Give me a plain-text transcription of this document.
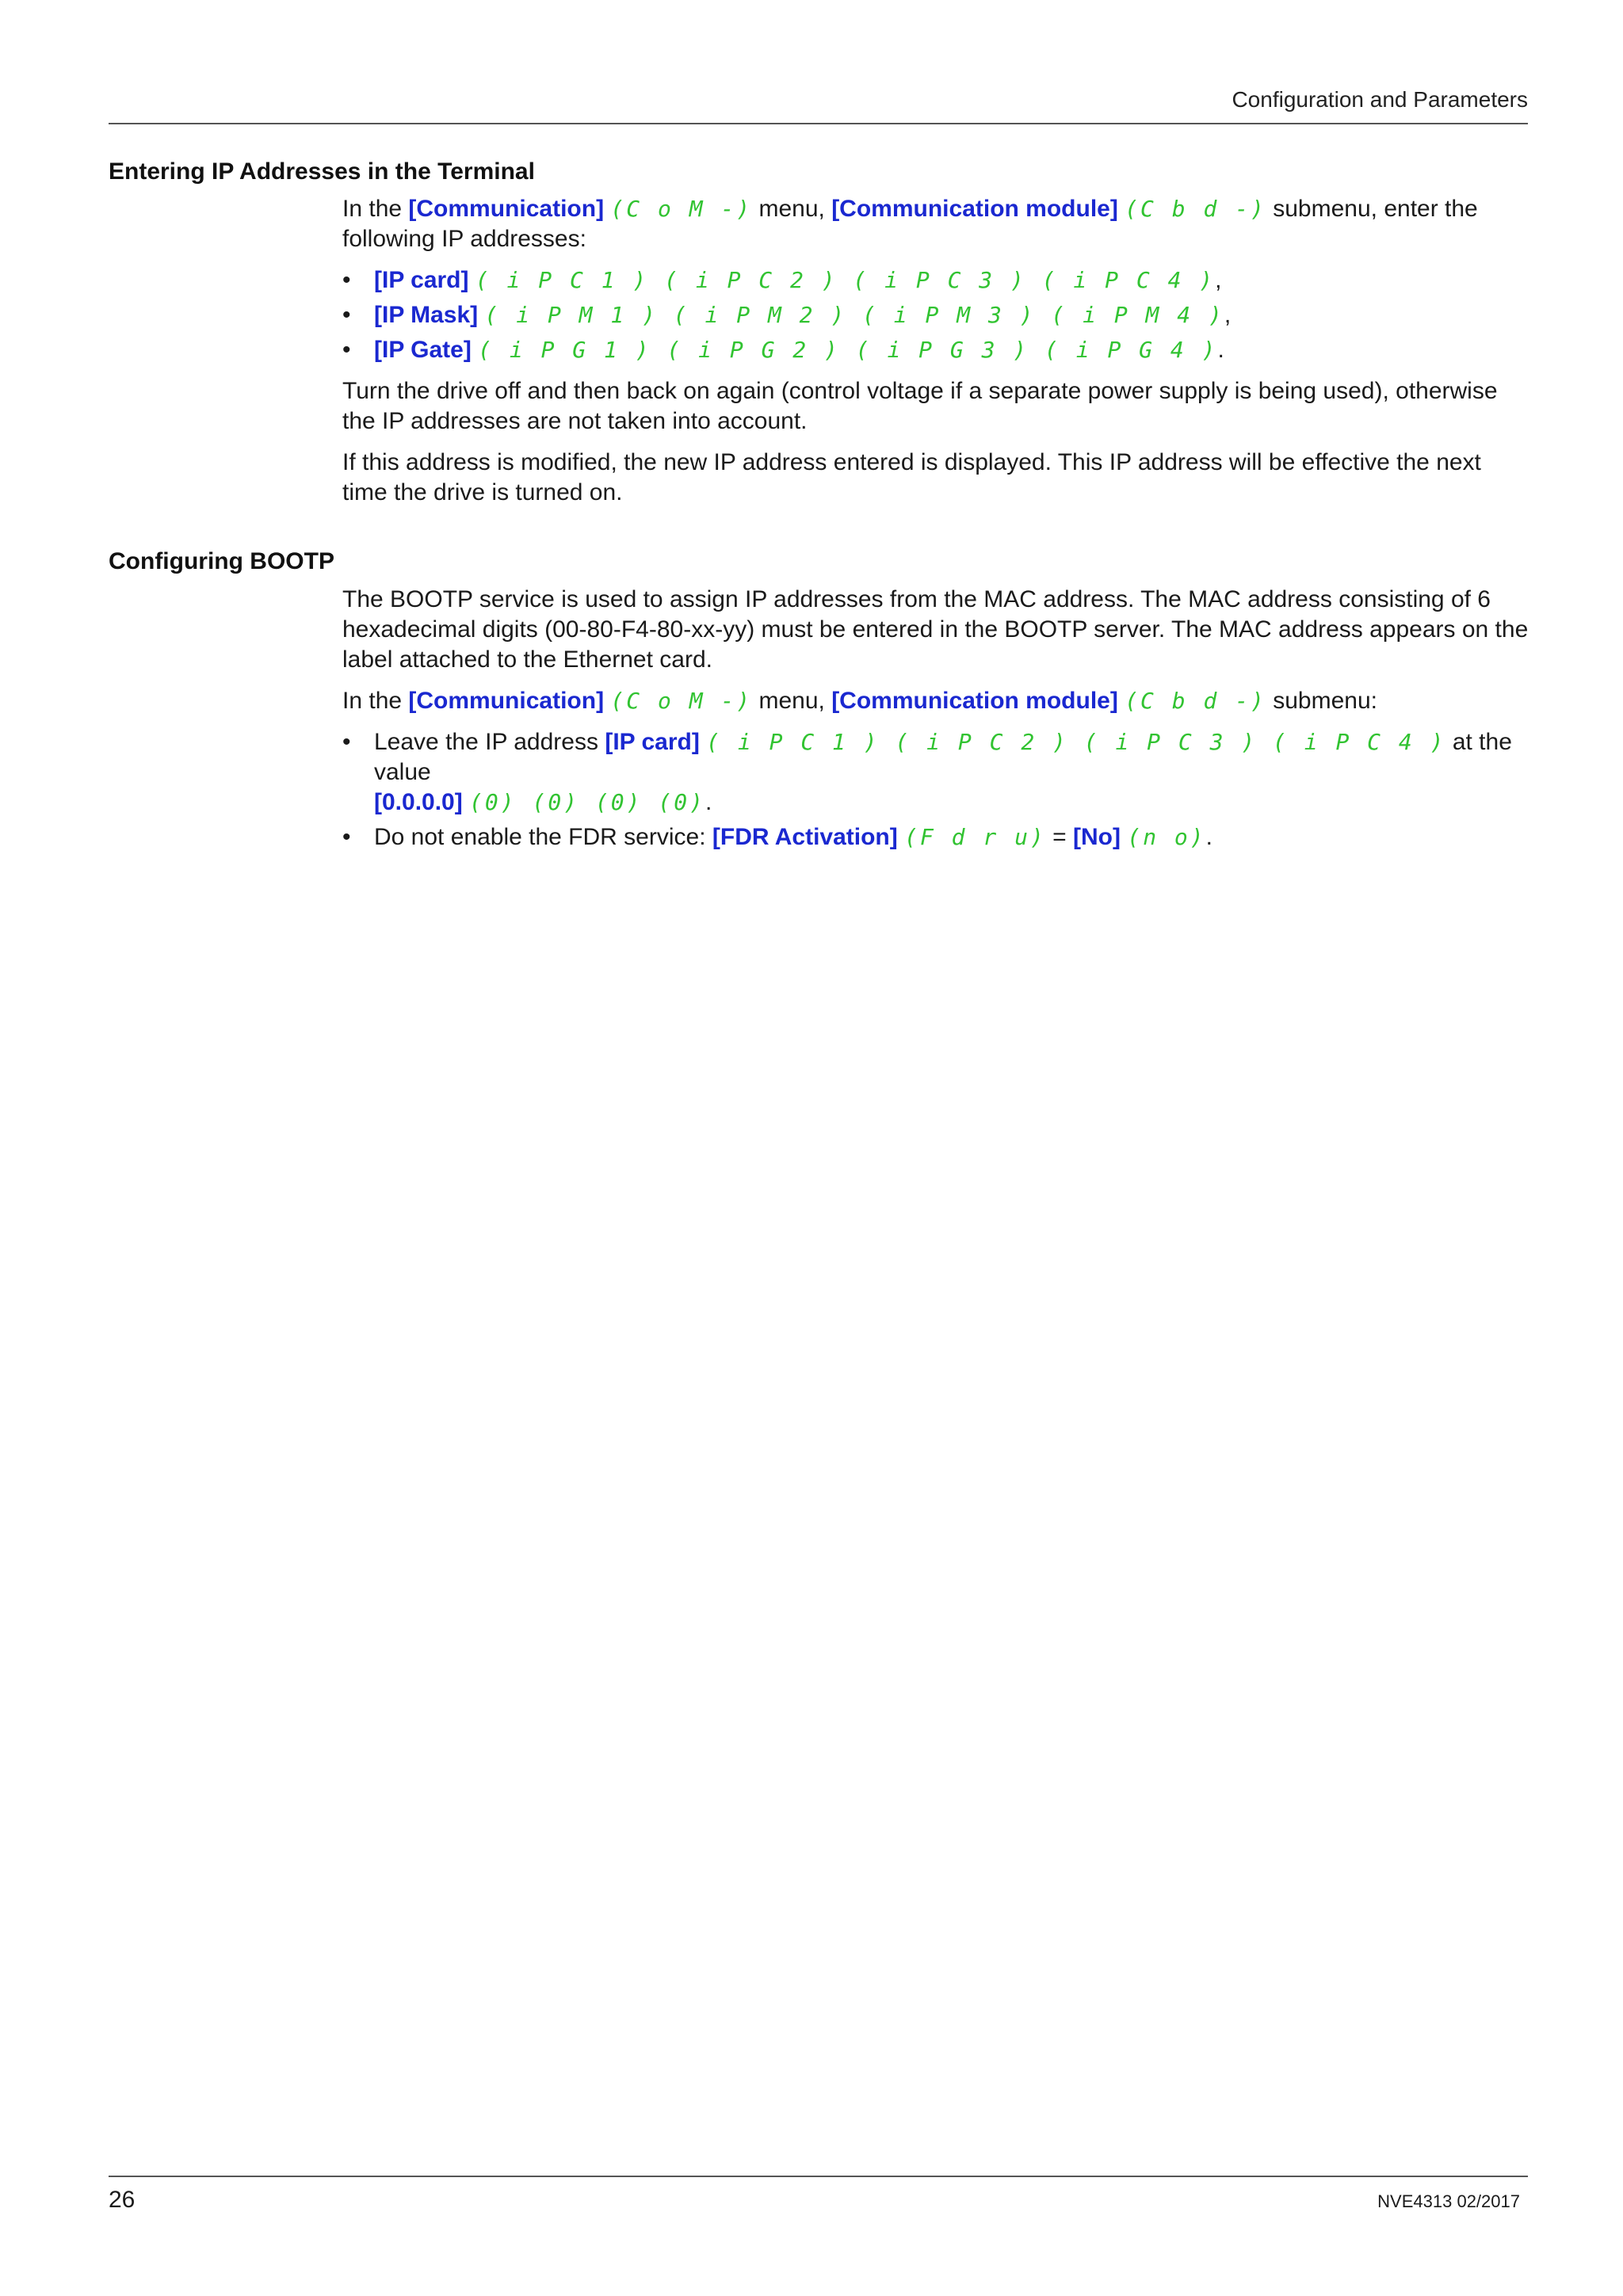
Configuration and Parameters
Entering IP Addresses in the Terminal

In the [Communication] (C o M -) menu, [Communication module] (C b d -) submenu, enter the following IP addresses:

• [IP card] ( i P C 1 ) ( i P C 2 ) ( i P C 3 ) ( i P C 4 ),
• [IP Mask] ( i P M 1 ) ( i P M 2 ) ( i P M 3 ) ( i P M 4 ),
• [IP Gate] ( i P G 1 ) ( i P G 2 ) ( i P G 3 ) ( i P G 4 ).

Turn the drive off and then back on again (control voltage if a separate power supply is being used), otherwise the IP addresses are not taken into account.

If this address is modified, the new IP address entered is displayed. This IP address will be effective the next time the drive is turned on.

Configuring BOOTP

The BOOTP service is used to assign IP addresses from the MAC address. The MAC address consisting of 6 hexadecimal digits (00-80-F4-80-xx-yy) must be entered in the BOOTP server. The MAC address appears on the label attached to the Ethernet card.

In the [Communication] (C o M -) menu, [Communication module] (C b d -) submenu:

• Leave the IP address [IP card] ( i P C 1 ) ( i P C 2 ) ( i P C 3 ) ( i P C 4 ) at the value
[0.0.0.0] (0) (0) (0) (0).
• Do not enable the FDR service: [FDR Activation] (F d r u) = [No] (n o).
26	NVE4313 02/2017
